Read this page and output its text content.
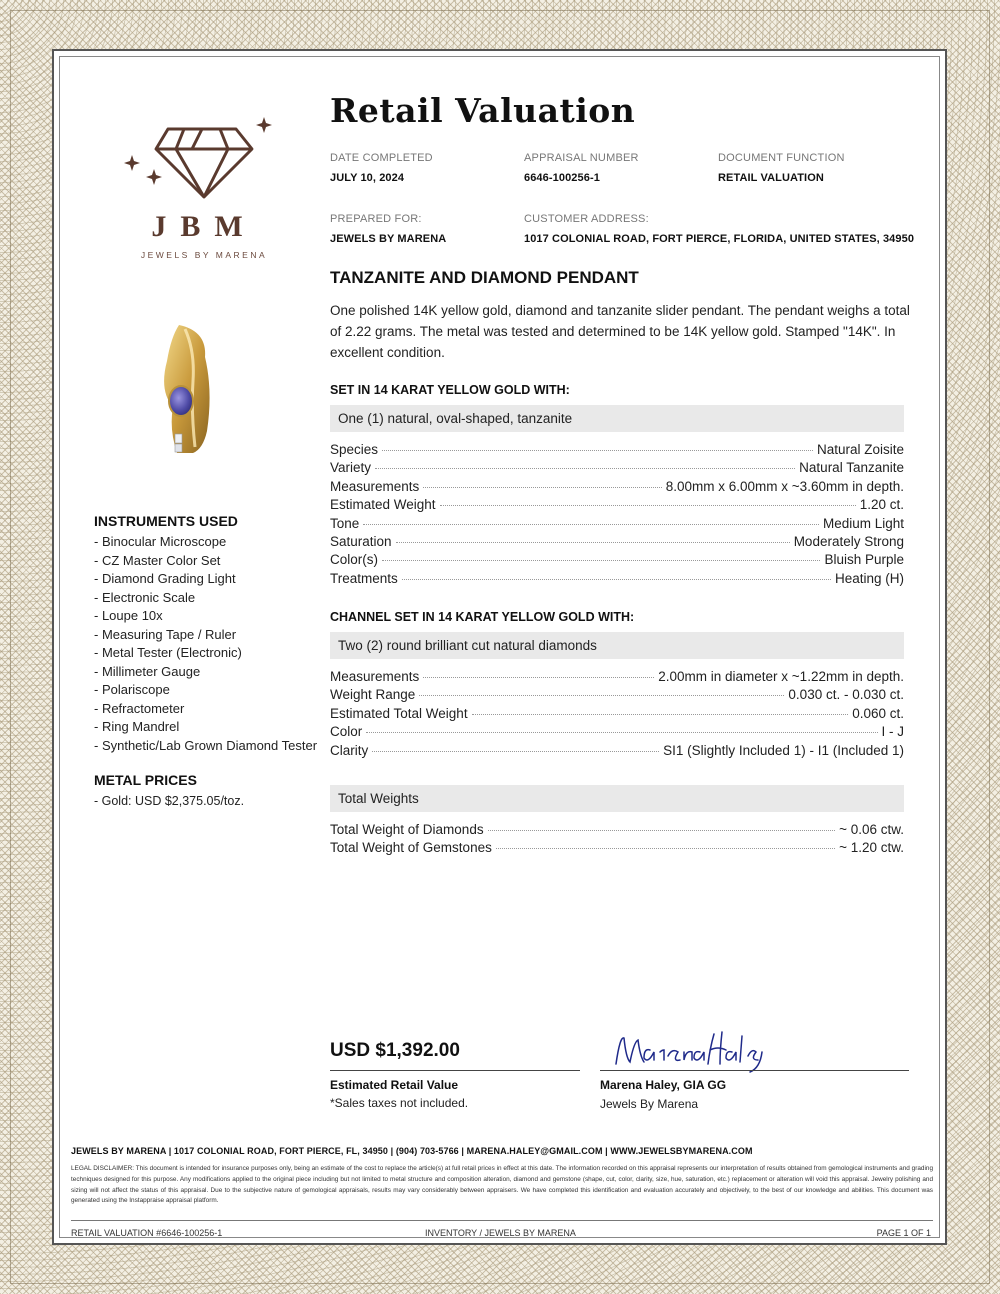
JBM
JEWELS BY MARENA
Retail Valuation
DATE COMPLETED
JULY 10, 2024
APPRAISAL NUMBER
6646-100256-1
DOCUMENT FUNCTION
RETAIL VALUATION
PREPARED FOR:
JEWELS BY MARENA
CUSTOMER ADDRESS:
1017 COLONIAL ROAD, FORT PIERCE, FLORIDA, UNITED STATES, 34950
TANZANITE AND DIAMOND PENDANT
One polished 14K yellow gold, diamond and tanzanite slider pendant. The pendant weighs a total of 2.22 grams. The metal was tested and determined to be 14K yellow gold. Stamped "14K". In excellent condition.
SET IN 14 KARAT YELLOW GOLD WITH:
One (1) natural, oval-shaped, tanzanite
Species	Natural Zoisite
Variety	Natural Tanzanite
Measurements	8.00mm x 6.00mm x ~3.60mm in depth.
Estimated Weight	1.20 ct.
Tone	Medium Light
Saturation	Moderately Strong
Color(s)	Bluish Purple
Treatments	Heating (H)
CHANNEL SET IN 14 KARAT YELLOW GOLD WITH:
Two (2) round brilliant cut natural diamonds
Measurements	2.00mm in diameter x ~1.22mm in depth.
Weight Range	0.030 ct. - 0.030 ct.
Estimated Total Weight	0.060 ct.
Color	I - J
Clarity	SI1 (Slightly Included 1) - I1 (Included 1)
Total Weights
Total Weight of Diamonds	~ 0.06 ctw.
Total Weight of Gemstones	~ 1.20 ctw.
INSTRUMENTS USED
- Binocular Microscope
- CZ Master Color Set
- Diamond Grading Light
- Electronic Scale
- Loupe 10x
- Measuring Tape / Ruler
- Metal Tester (Electronic)
- Millimeter Gauge
- Polariscope
- Refractometer
- Ring Mandrel
- Synthetic/Lab Grown Diamond Tester
METAL PRICES
- Gold: USD $2,375.05/toz.
USD $1,392.00
Estimated Retail Value
*Sales taxes not included.
Marena Haley, GIA GG
Jewels By Marena
JEWELS BY MARENA | 1017 COLONIAL ROAD, FORT PIERCE, FL, 34950 | (904) 703-5766 | MARENA.HALEY@GMAIL.COM | WWW.JEWELSBYMARENA.COM
LEGAL DISCLAIMER: This document is intended for insurance purposes only, being an estimate of the cost to replace the article(s) at full retail prices in effect at this date. The information recorded on this appraisal represents our interpretation of results obtained from gemological instruments and grading techniques designed for this purpose. Any modifications applied to the original piece including but not limited to metal structure and composition alteration, diamond and gemstone (shape, cut, color, clarity, size, hue, saturation, etc.) replacement or alteration will void this appraisal. Jewelry polishing and sizing will not affect the status of this appraisal. Due to the subjective nature of gemological appraisals, results may vary considerably between appraisers. We have completed this identification and evaluation accurately and objectively, to the best of our knowledge and abilities. This document was generated using the Instappraise appraisal platform.
RETAIL VALUATION #6646-100256-1	INVENTORY / JEWELS BY MARENA	PAGE 1 OF 1
